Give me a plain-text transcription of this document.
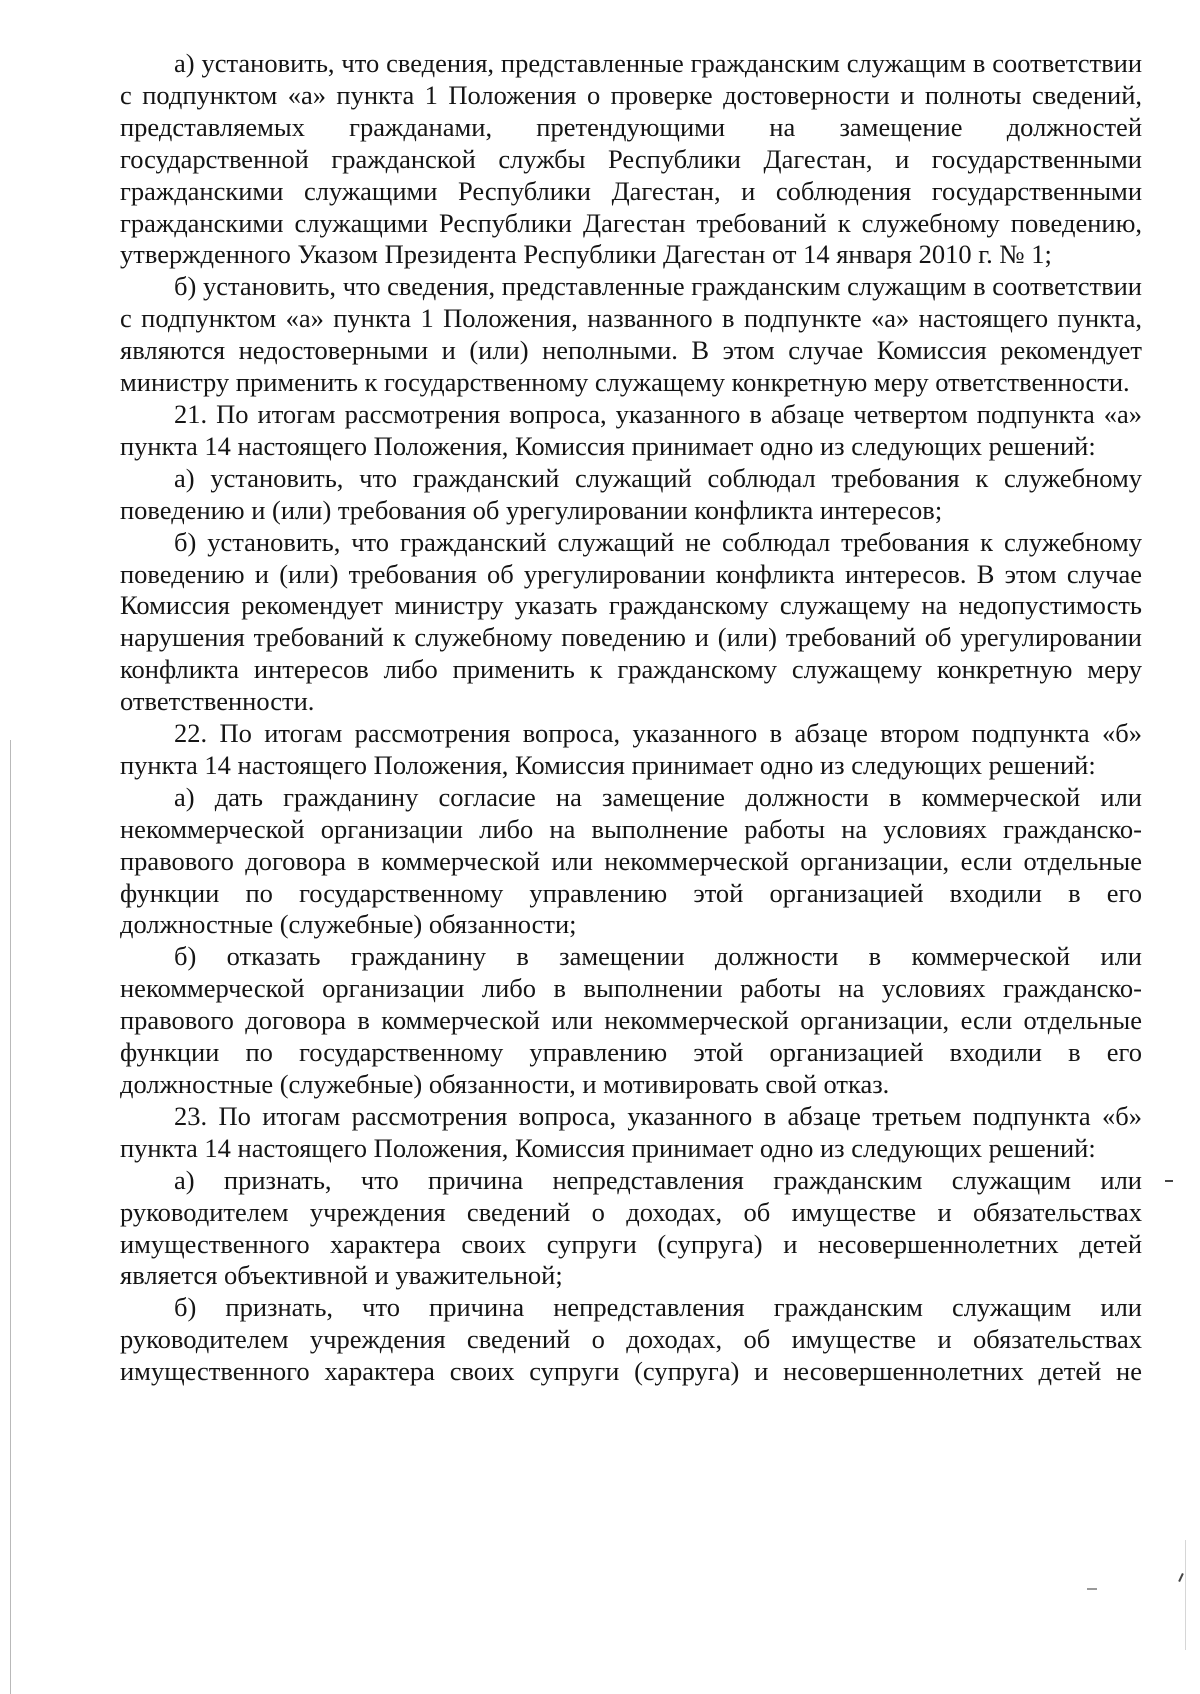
а) установить, что сведения, представленные гражданским служащим в соответствии с подпунктом «а» пункта 1 Положения о проверке достоверности и полноты сведений, представляемых гражданами, претендующими на замещение должностей государственной гражданской службы Республики Дагестан, и государственными гражданскими служащими Республики Дагестан, и соблюдения государственными гражданскими служащими Республики Дагестан требований к служебному поведению, утвержденного Указом Президента Республики Дагестан от 14 января 2010 г. № 1;

б) установить, что сведения, представленные гражданским служащим в соответствии с подпунктом «а» пункта 1 Положения, названного в подпункте «а» настоящего пункта, являются недостоверными и (или) неполными. В этом случае Комиссия рекомендует министру применить к государственному служащему конкретную меру ответственности.

21. По итогам рассмотрения вопроса, указанного в абзаце четвертом подпункта «а» пункта 14 настоящего Положения, Комиссия принимает одно из следующих решений:

а) установить, что гражданский служащий соблюдал требования к служебному поведению и (или) требования об урегулировании конфликта интересов;

б) установить, что гражданский служащий не соблюдал требования к служебному поведению и (или) требования об урегулировании конфликта интересов. В этом случае Комиссия рекомендует министру указать гражданскому служащему на недопустимость нарушения требований к служебному поведению и (или) требований об урегулировании конфликта интересов либо применить к гражданскому служащему конкретную меру ответственности.

22. По итогам рассмотрения вопроса, указанного в абзаце втором подпункта «б» пункта 14 настоящего Положения, Комиссия принимает одно из следующих решений:

а) дать гражданину согласие на замещение должности в коммерческой или некоммерческой организации либо на выполнение работы на условиях гражданско-правового договора в коммерческой или некоммерческой организации, если отдельные функции по государственному управлению этой организацией входили в его должностные (служебные) обязанности;

б) отказать гражданину в замещении должности в коммерческой или некоммерческой организации либо в выполнении работы на условиях гражданско-правового договора в коммерческой или некоммерческой организации, если отдельные функции по государственному управлению этой организацией входили в его должностные (служебные) обязанности, и мотивировать свой отказ.

23. По итогам рассмотрения вопроса, указанного в абзаце третьем подпункта «б» пункта 14 настоящего Положения, Комиссия принимает одно из следующих решений:

а) признать, что причина непредставления гражданским служащим или руководителем учреждения сведений о доходах, об имуществе и обязательствах имущественного характера своих супруги (супруга) и несовершеннолетних детей является объективной и уважительной;

б) признать, что причина непредставления гражданским служащим или руководителем учреждения сведений о доходах, об имуществе и обязательствах имущественного характера своих супруги (супруга) и несовершеннолетних детей не
